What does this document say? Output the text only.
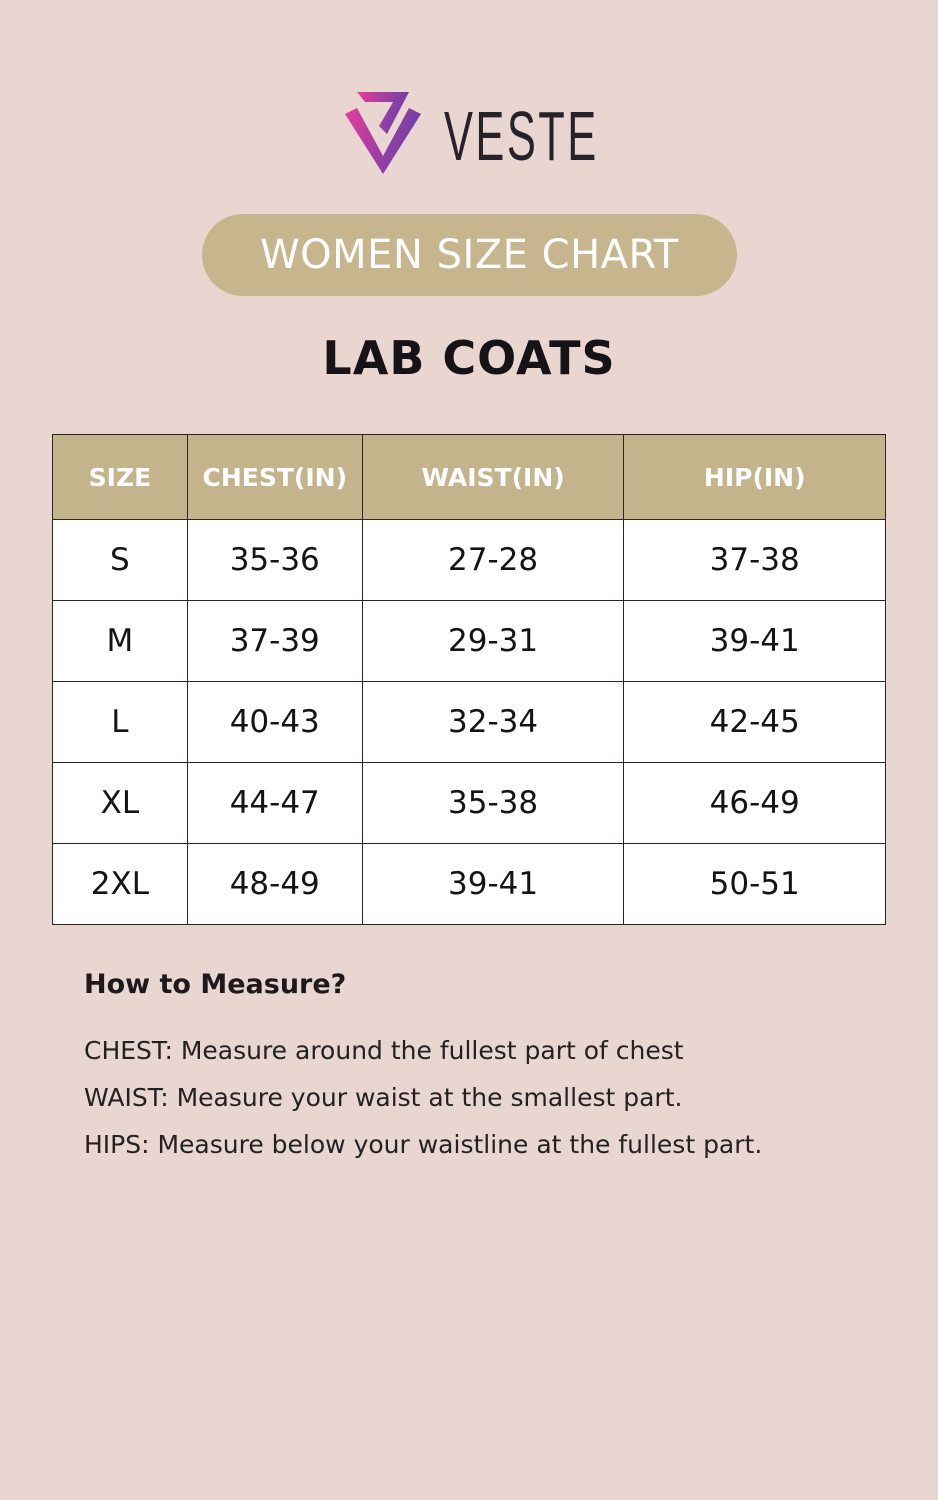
VESTE
WOMEN SIZE CHART
LAB COATS
SIZE	CHEST(IN)	WAIST(IN)	HIP(IN)
S	35-36	27-28	37-38
M	37-39	29-31	39-41
L	40-43	32-34	42-45
XL	44-47	35-38	46-49
2XL	48-49	39-41	50-51
How to Measure?

CHEST: Measure around the fullest part of chest

WAIST: Measure your waist at the smallest part.

HIPS: Measure below your waistline at the fullest part.
